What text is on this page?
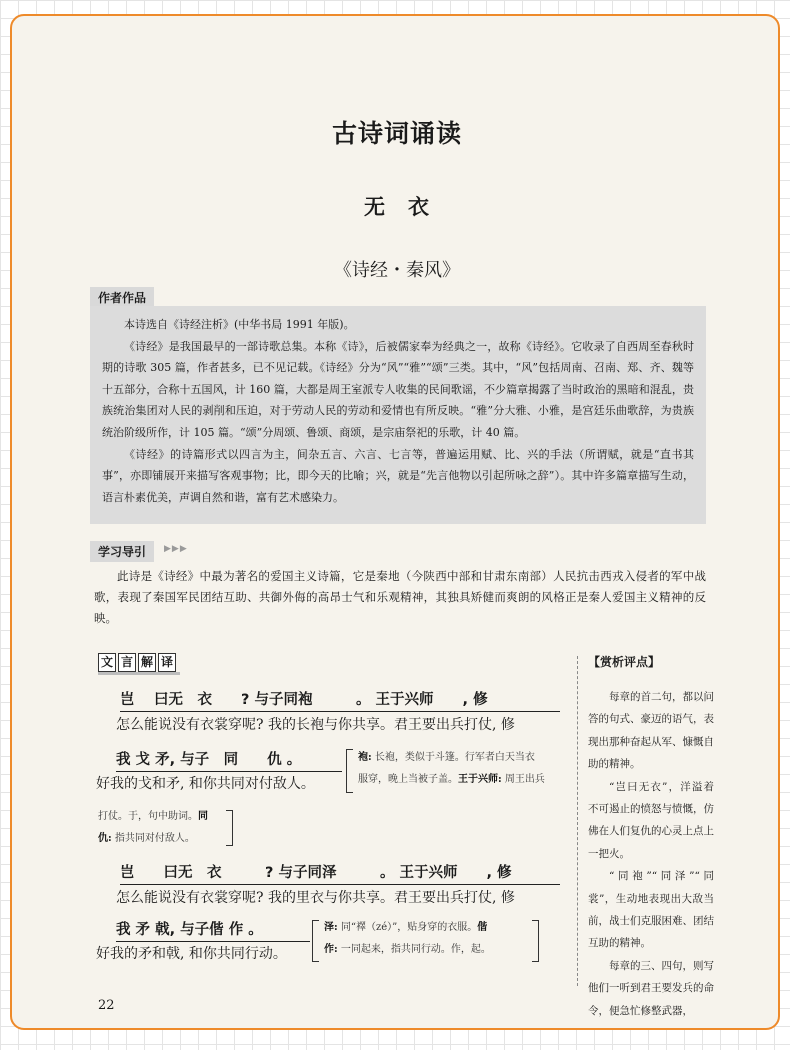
古诗词诵读
无　衣
《诗经・秦风》
作者作品

本诗选自《诗经注析》(中华书局 1991 年版)。

《诗经》是我国最早的一部诗歌总集。本称《诗》，后被儒家奉为经典之一，故称《诗经》。它收录了自西周至春秋时期的诗歌 305 篇，作者甚多，已不见记载。《诗经》分为“风”“雅”“颂”三类。其中，“风”包括周南、召南、郑、齐、魏等十五部分，合称十五国风，计 160 篇，大都是周王室派专人收集的民间歌谣，不少篇章揭露了当时政治的黑暗和混乱，贵族统治集团对人民的剥削和压迫，对于劳动人民的劳动和爱情也有所反映。“雅”分大雅、小雅，是宫廷乐曲歌辞，为贵族统治阶级所作，计 105 篇。“颂”分周颂、鲁颂、商颂，是宗庙祭祀的乐歌，计 40 篇。

《诗经》的诗篇形式以四言为主，间杂五言、六言、七言等，普遍运用赋、比、兴的手法（所谓赋，就是“直书其事”，亦即铺展开来描写客观事物；比，即今天的比喻；兴，就是“先言他物以引起所咏之辞”）。其中许多篇章描写生动，语言朴素优美，声调自然和谐，富有艺术感染力。

学习导引	▶▶▶
此诗是《诗经》中最为著名的爱国主义诗篇，它是秦地（今陕西中部和甘肃东南部）人民抗击西戎入侵者的军中战歌，表现了秦国军民团结互助、共御外侮的高昂士气和乐观精神，其独具矫健而爽朗的风格正是秦人爱国主义精神的反映。
文 言 解 译
岂　 曰无　衣　　? 与子同袍　　　。 王于兴师　　, 修
怎么能说没有衣裳穿呢? 我的长袍与你共享。君王要出兵打仗, 修
我 戈 矛, 与子　同　　仇 。
好我的戈和矛, 和你共同对付敌人。
袍: 长袍，类似于斗篷。行军者白天当衣
服穿，晚上当被子盖。王于兴师: 周王出兵
打仗。于，句中助词。同
仇: 指共同对付敌人。
岂　　曰无　衣　　　? 与子同泽　　　。 王于兴师　　, 修
怎么能说没有衣裳穿呢? 我的里衣与你共享。君王要出兵打仗, 修
我 矛 戟, 与子偕 作 。
好我的矛和戟, 和你共同行动。
泽: 同“襗（zé）”，贴身穿的衣服。偕
作: 一同起来，指共同行动。作，起。
【赏析评点】

每章的首二句，都以问答的句式、豪迈的语气，表现出那种奋起从军、慷慨自助的精神。

“岂曰无衣”，洋溢着不可遏止的愤怒与愤慨，仿佛在人们复仇的心灵上点上一把火。

“同袍”“同泽”“同裳”，生动地表现出大敌当前，战士们克服困难、团结互助的精神。

每章的三、四句，则写他们一听到君王要发兵的命令，便急忙修整武器，

22
